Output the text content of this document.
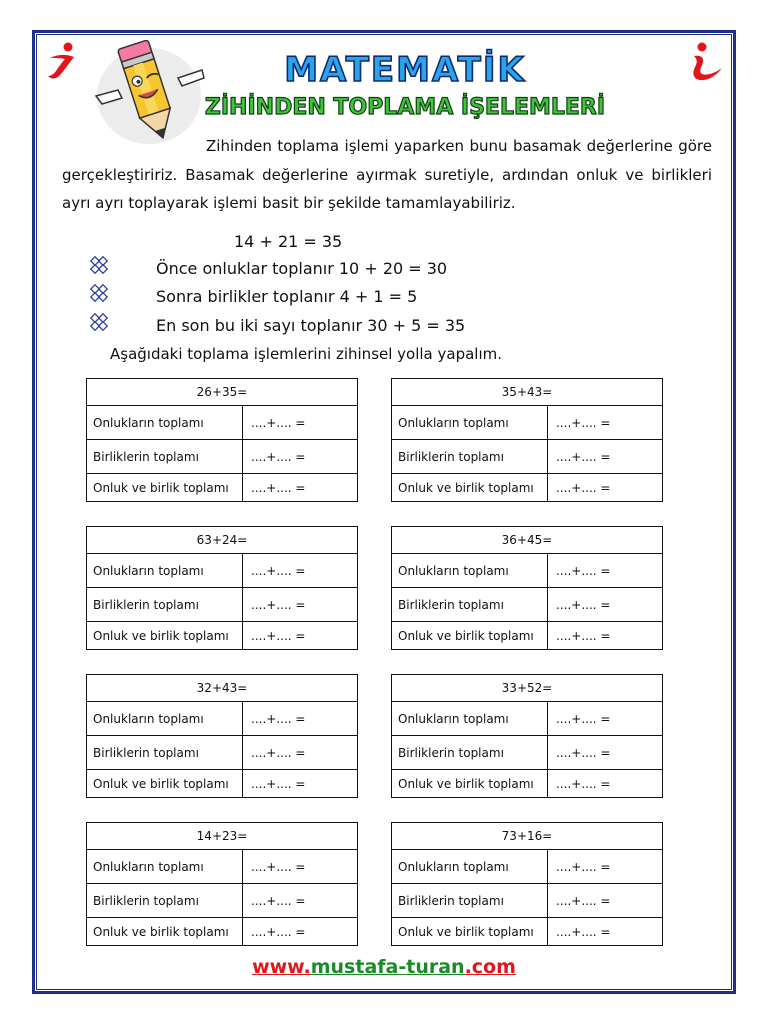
MATEMATİK
ZİHİNDEN TOPLAMA İŞELEMLERİ
Zihinden toplama işlemi yaparken bunu basamak değerlerine göre gerçekleştiririz. Basamak değerlerine ayırmak suretiyle, ardından onluk ve birlikleri ayrı ayrı toplayarak işlemi basit bir şekilde tamamlayabiliriz.
14 + 21 = 35
Önce onluklar toplanır 10 + 20 = 30
Sonra birlikler toplanır 4 + 1 = 5
En son bu iki sayı toplanır 30 + 5 = 35
Aşağıdaki toplama işlemlerini zihinsel yolla yapalım.
26+35=
Onlukların toplamı	....+.... =
Birliklerin toplamı	....+.... =
Onluk ve birlik toplamı	....+.... =
35+43=
Onlukların toplamı	....+.... =
Birliklerin toplamı	....+.... =
Onluk ve birlik toplamı	....+.... =
63+24=
Onlukların toplamı	....+.... =
Birliklerin toplamı	....+.... =
Onluk ve birlik toplamı	....+.... =
36+45=
Onlukların toplamı	....+.... =
Birliklerin toplamı	....+.... =
Onluk ve birlik toplamı	....+.... =
32+43=
Onlukların toplamı	....+.... =
Birliklerin toplamı	....+.... =
Onluk ve birlik toplamı	....+.... =
33+52=
Onlukların toplamı	....+.... =
Birliklerin toplamı	....+.... =
Onluk ve birlik toplamı	....+.... =
14+23=
Onlukların toplamı	....+.... =
Birliklerin toplamı	....+.... =
Onluk ve birlik toplamı	....+.... =
73+16=
Onlukların toplamı	....+.... =
Birliklerin toplamı	....+.... =
Onluk ve birlik toplamı	....+.... =
www.mustafa-turan.com
